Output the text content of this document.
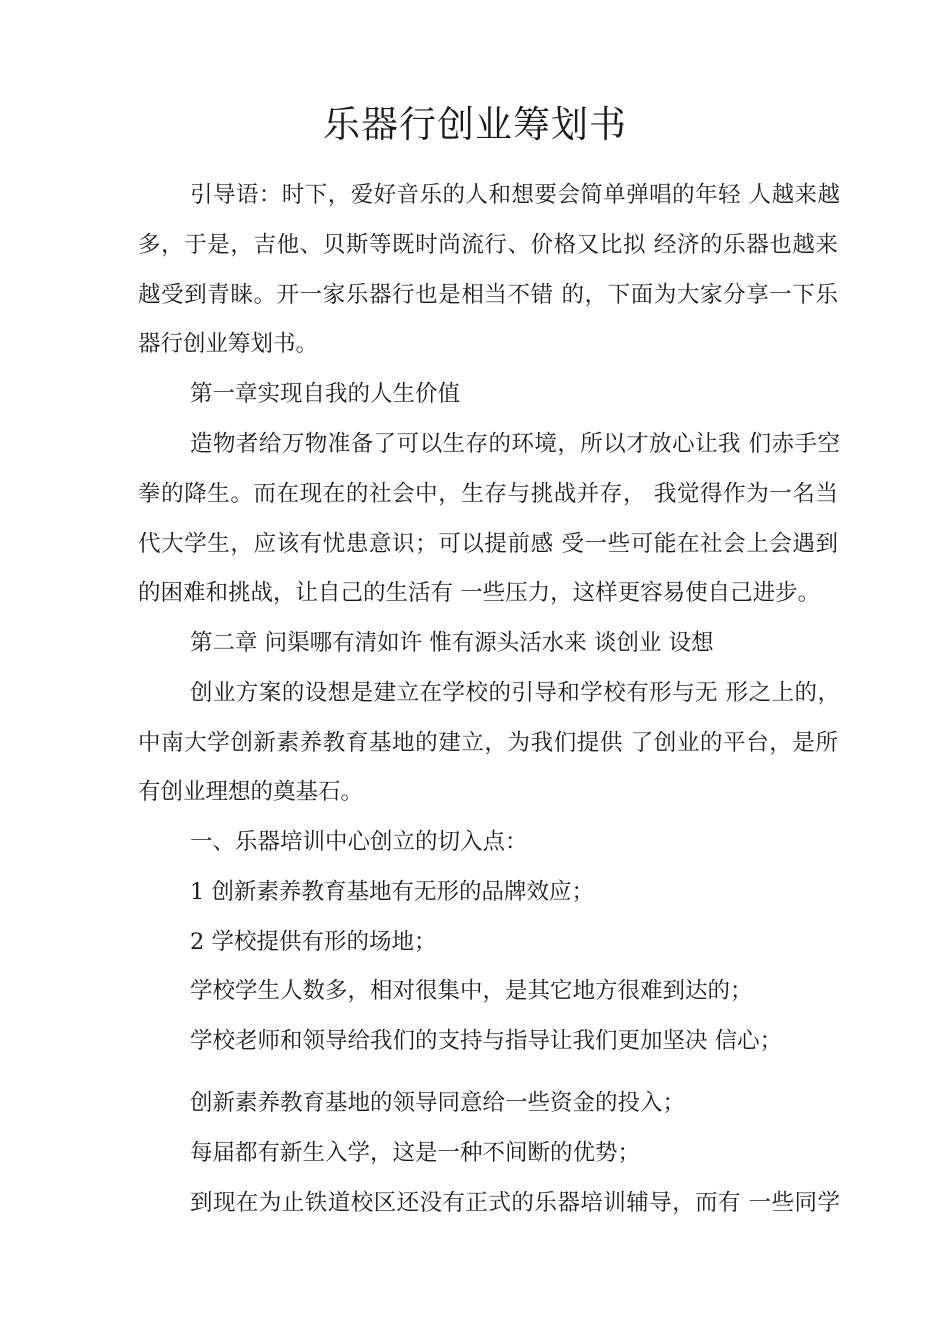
乐器行创业筹划书
引导语：时下，爱好音乐的人和想要会简单弹唱的年轻 人越来越
多，于是，吉他、贝斯等既时尚流行、价格又比拟 经济的乐器也越来
越受到青睐。开一家乐器行也是相当不错 的，下面为大家分享一下乐
器行创业筹划书。
第一章实现自我的人生价值
造物者给万物准备了可以生存的环境，所以才放心让我 们赤手空
拳的降生。而在现在的社会中，生存与挑战并存， 我觉得作为一名当
代大学生，应该有忧患意识；可以提前感 受一些可能在社会上会遇到
的困难和挑战，让自己的生活有 一些压力，这样更容易使自己进步。
第二章 问渠哪有清如许 惟有源头活水来 谈创业 设想
创业方案的设想是建立在学校的引导和学校有形与无 形之上的，
中南大学创新素养教育基地的建立，为我们提供 了创业的平台，是所
有创业理想的奠基石。
一、乐器培训中心创立的切入点：
1 创新素养教育基地有无形的品牌效应；
2 学校提供有形的场地；
学校学生人数多，相对很集中，是其它地方很难到达的；
学校老师和领导给我们的支持与指导让我们更加坚决 信心；
创新素养教育基地的领导同意给一些资金的投入；
每届都有新生入学，这是一种不间断的优势；
到现在为止铁道校区还没有正式的乐器培训辅导，而有 一些同学
